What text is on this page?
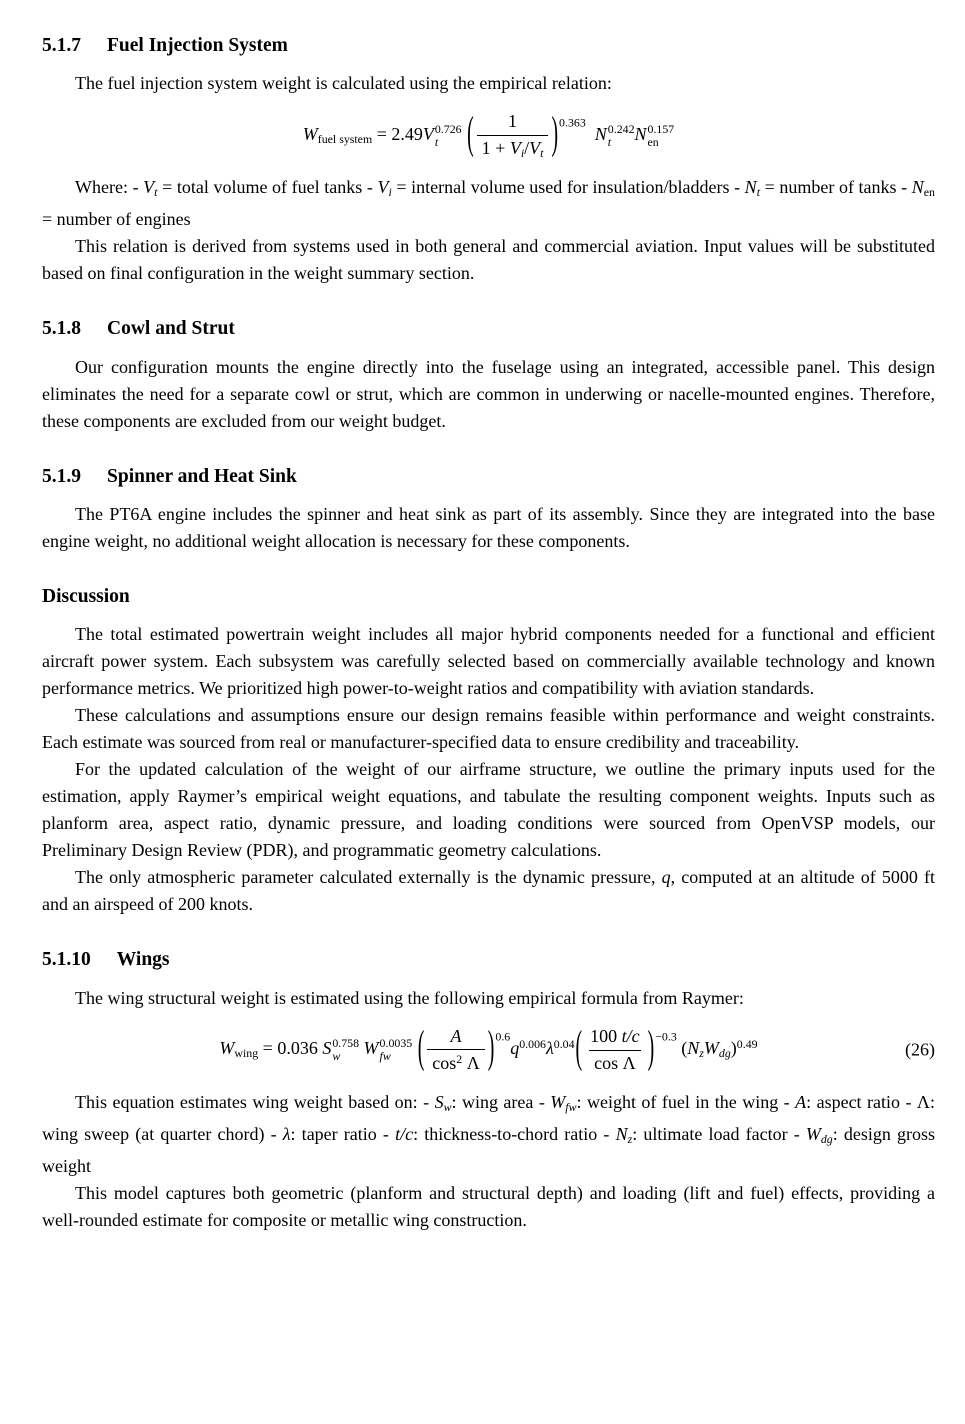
5.1.7 Fuel Injection System

The fuel injection system weight is calculated using the empirical relation:

$W_{fuel system} = 2.49V$ 0.726
t ( $\frac{1}{1 + V_i/V_t} )^{0.363}$ N 0.242
t N 0.157
en

Where: - $V_t$ = total volume of fuel tanks - $V_i$ = internal volume used for insulation/bladders - $N_t$ = number of tanks - $N_{en}$ = number of engines

This relation is derived from systems used in both general and commercial aviation. Input values will be substituted based on final configuration in the weight summary section.

5.1.8 Cowl and Strut

Our configuration mounts the engine directly into the fuselage using an integrated, accessible panel. This design eliminates the need for a separate cowl or strut, which are common in underwing or nacelle-mounted engines. Therefore, these components are excluded from our weight budget.

5.1.9 Spinner and Heat Sink

The PT6A engine includes the spinner and heat sink as part of its assembly. Since they are integrated into the base engine weight, no additional weight allocation is necessary for these components.

Discussion

The total estimated powertrain weight includes all major hybrid components needed for a functional and efficient aircraft power system. Each subsystem was carefully selected based on commercially available technology and known performance metrics. We prioritized high power-to-weight ratios and compatibility with aviation standards.

These calculations and assumptions ensure our design remains feasible within performance and weight constraints. Each estimate was sourced from real or manufacturer-specified data to ensure credibility and traceability.

For the updated calculation of the weight of our airframe structure, we outline the primary inputs used for the estimation, apply Raymer’s empirical weight equations, and tabulate the resulting component weights. Inputs such as planform area, aspect ratio, dynamic pressure, and loading conditions were sourced from OpenVSP models, our Preliminary Design Review (PDR), and programmatic geometry calculations.

The only atmospheric parameter calculated externally is the dynamic pressure, q, computed at an altitude of 5000 ft and an airspeed of 200 knots.

5.1.10 Wings

The wing structural weight is estimated using the following empirical formula from Raymer:

$W_{wing} = 0.036$ S 0.758
w W 0.0035
fw ( $\frac{A}{\cos^2 \Lambda} )^{0.6}q^{0.006}\lambda^{0.04}( \frac{100 t/c}{\text{cos Λ}} )^{-0.3}$ $(N_zW_{dg})^{0.49}$	(26)

This equation estimates wing weight based on: - $S_w$: wing area - $W_{fw}$: weight of fuel in the wing - A: aspect ratio - Λ: wing sweep (at quarter chord) - λ: taper ratio - t/c: thickness-to-chord ratio - $N_z$: ultimate load factor - $W_{dg}$: design gross weight

This model captures both geometric (planform and structural depth) and loading (lift and fuel) effects, providing a well-rounded estimate for composite or metallic wing construction.
